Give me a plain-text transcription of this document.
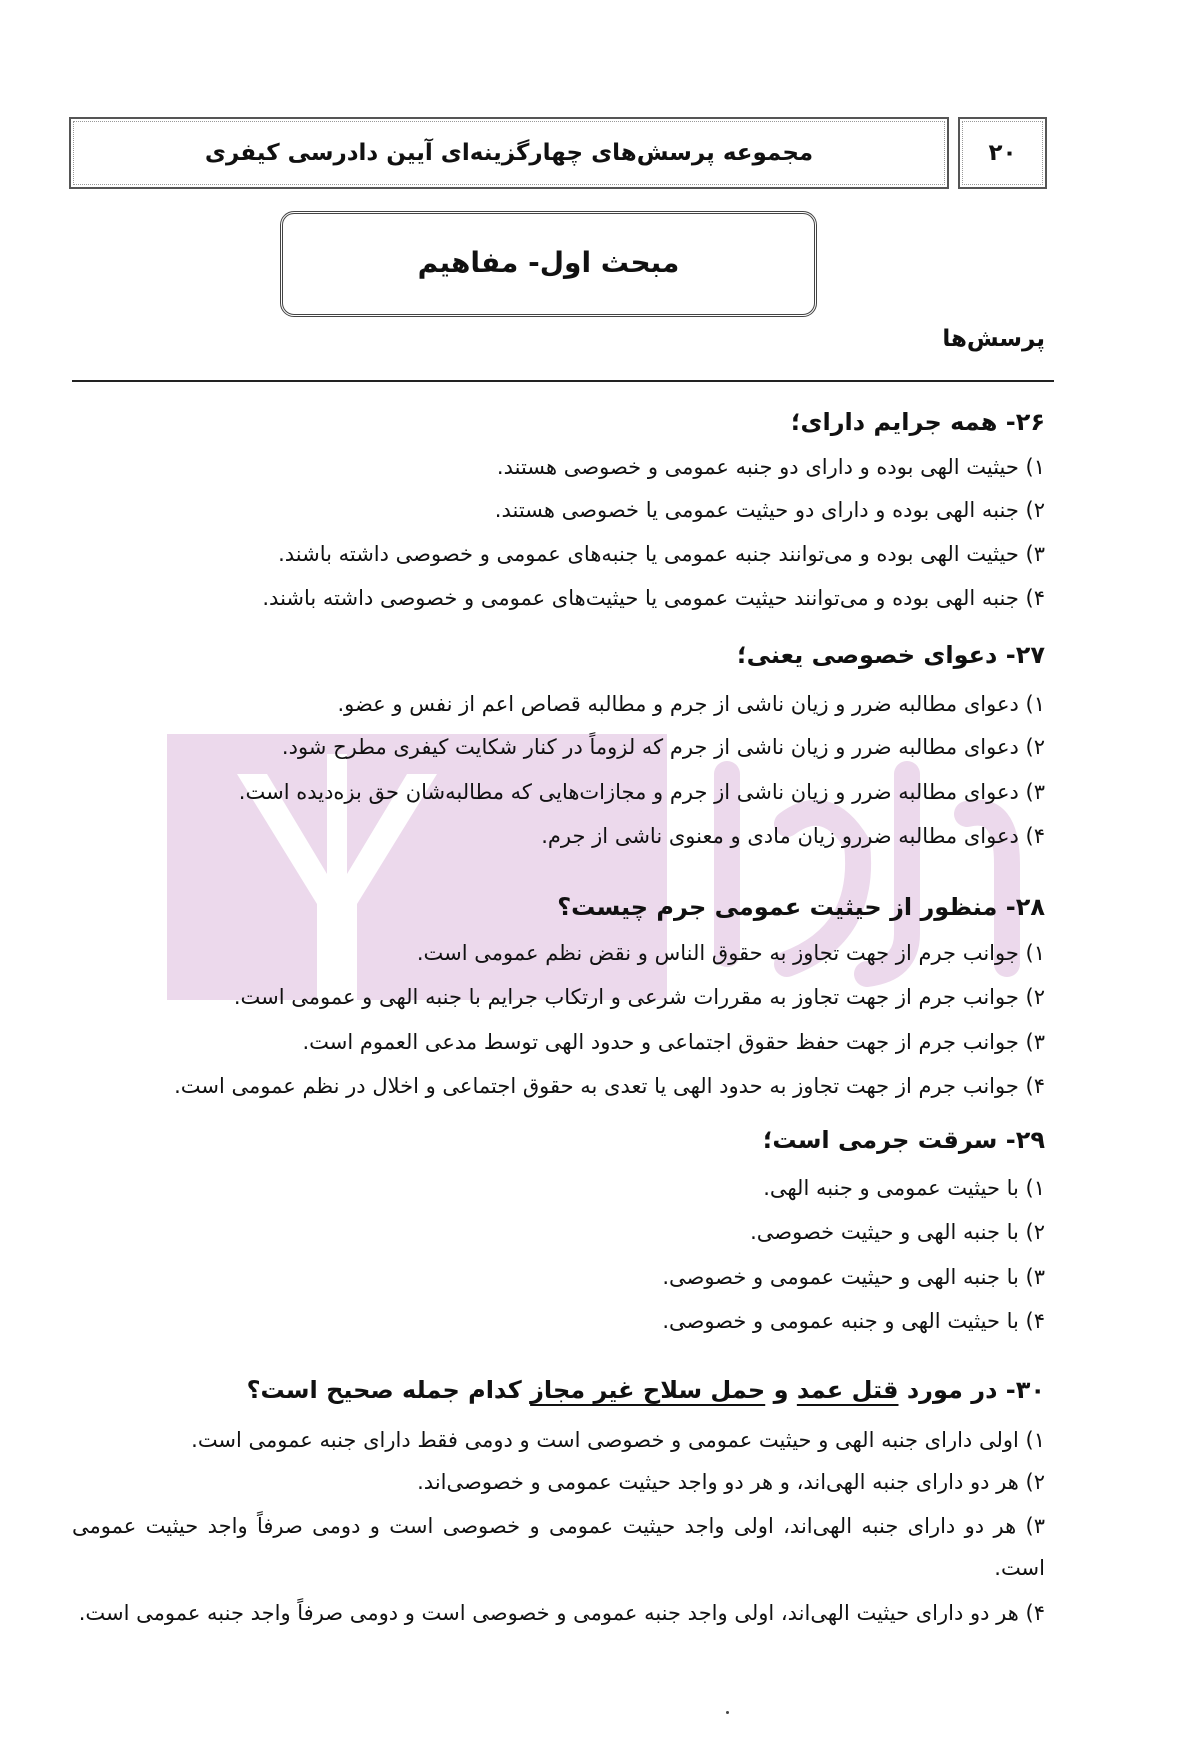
مجموعه پرسش‌های چهارگزینه‌ای آیین دادرسی کیفری	۲۰
مبحث اول- مفاهیم
پرسش‌ها
۲۶- همه جرایم دارای؛
۱) حیثیت الهی بوده و دارای دو جنبه عمومی و خصوصی هستند.
۲) جنبه الهی بوده و دارای دو حیثیت عمومی یا خصوصی هستند.
۳) حیثیت الهی بوده و می‌توانند جنبه عمومی یا جنبه‌های عمومی و خصوصی داشته باشند.
۴) جنبه الهی بوده و می‌توانند حیثیت عمومی یا حیثیت‌های عمومی و خصوصی داشته باشند.
۲۷- دعوای خصوصی یعنی؛
۱) دعوای مطالبه ضرر و زیان ناشی از جرم و مطالبه قصاص اعم از نفس و عضو.
۲) دعوای مطالبه ضرر و زیان ناشی از جرم که لزوماً در کنار شکایت کیفری مطرح شود.
۳) دعوای مطالبه ضرر و زیان ناشی از جرم و مجازات‌هایی که مطالبه‌شان حق بزه‌دیده است.
۴) دعوای مطالبه ضررو زیان مادی و معنوی ناشی از جرم.
۲۸- منظور از حیثیت عمومی جرم چیست؟
۱) جوانب جرم از جهت تجاوز به حقوق الناس و نقض نظم عمومی است.
۲) جوانب جرم از جهت تجاوز به مقررات شرعی و ارتکاب جرایم با جنبه الهی و عمومی است.
۳) جوانب جرم از جهت حفظ حقوق اجتماعی و حدود الهی توسط مدعی العموم است.
۴) جوانب جرم از جهت تجاوز به حدود الهی یا تعدی به حقوق اجتماعی و اخلال در نظم عمومی است.
۲۹- سرقت جرمی است؛
۱) با حیثیت عمومی و جنبه الهی.
۲) با جنبه الهی و حیثیت خصوصی.
۳) با جنبه الهی و حیثیت عمومی و خصوصی.
۴) با حیثیت الهی و جنبه عمومی و خصوصی.
۳۰- در مورد قتل عمد و حمل سلاح غیر مجاز کدام جمله صحیح است؟
۱) اولی دارای جنبه الهی و حیثیت عمومی و خصوصی است و دومی فقط دارای جنبه عمومی است.
۲) هر دو دارای جنبه الهی‌اند، و هر دو واجد حیثیت عمومی و خصوصی‌اند.
۳) هر دو دارای جنبه الهی‌اند، اولی واجد حیثیت عمومی و خصوصی است و دومی صرفاً واجد حیثیت عمومی است.
۴) هر دو دارای حیثیت الهی‌اند، اولی واجد جنبه عمومی و خصوصی است و دومی صرفاً واجد جنبه عمومی است.
